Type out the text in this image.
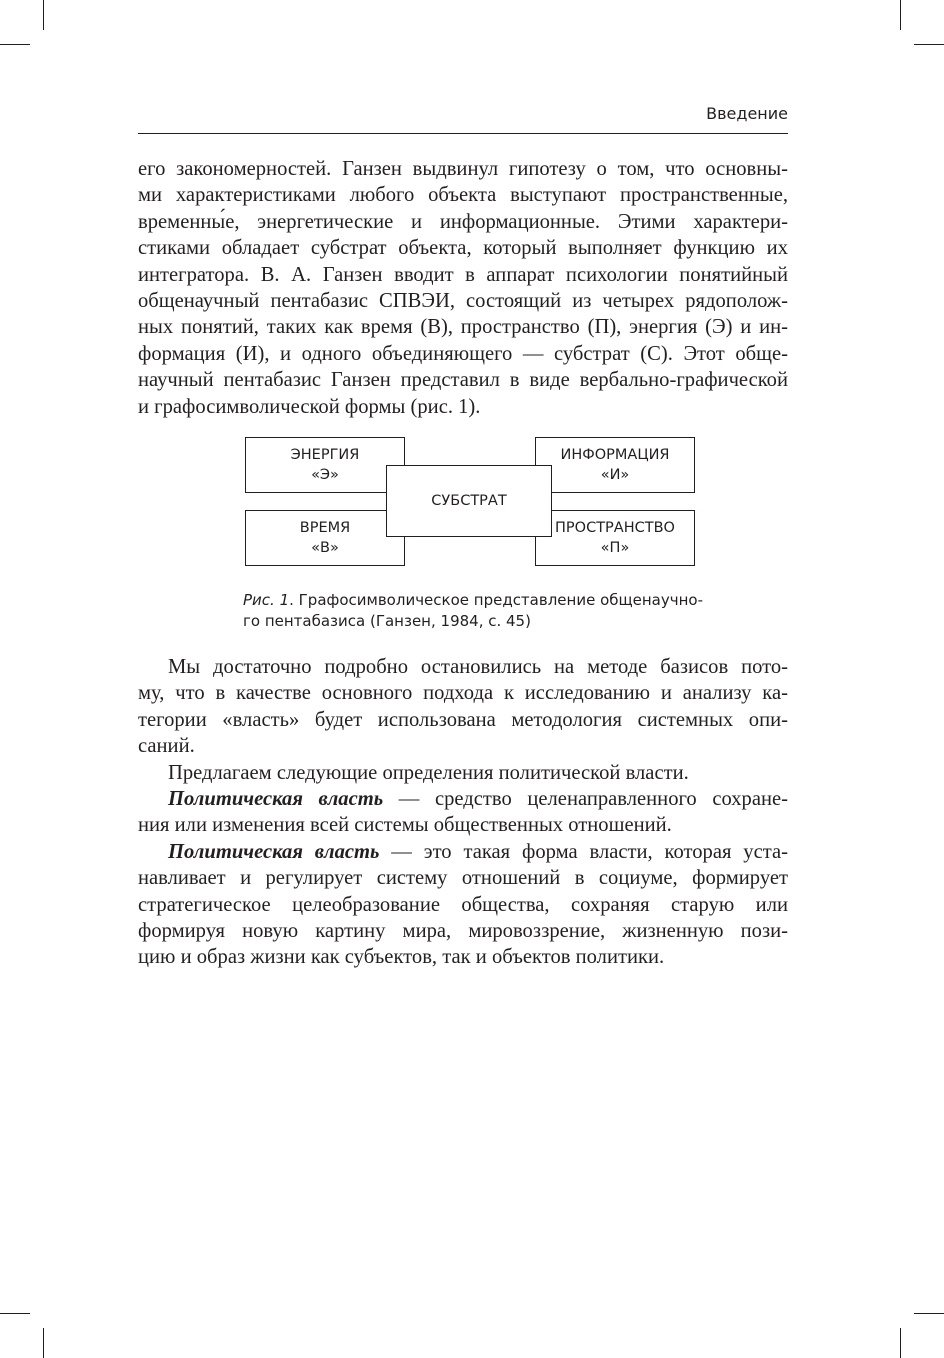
Введение
его закономерностей. Ганзен выдвинул гипотезу о том, что основны-
ми характеристиками любого объекта выступают пространственные,
временны́е, энергетические и информационные. Этими характери-
стиками обладает субстрат объекта, который выполняет функцию их
интегратора. В. А. Ганзен вводит в аппарат психологии понятийный
общенаучный пентабазис СПВЭИ, состоящий из четырех рядополож-
ных понятий, таких как время (В), пространство (П), энергия (Э) и ин-
формация (И), и одного объединяющего — субстрат (С). Этот обще-
научный пентабазис Ганзен представил в виде вербально-графической
и графосимволической формы (рис. 1).
ЭНЕРГИЯ
«Э»
ИНФОРМАЦИЯ
«И»
ВРЕМЯ
«В»
ПРОСТРАНСТВО
«П»
СУБСТРАТ
Рис. 1. Графосимволическое представление общенаучно-
го пентабазиса (Ганзен, 1984, с. 45)
Мы достаточно подробно остановились на методе базисов пото-
му, что в качестве основного подхода к исследованию и анализу ка-
тегории «власть» будет использована методология системных опи-
саний.
Предлагаем следующие определения политической власти.
Политическая власть — средство целенаправленного сохране-
ния или изменения всей системы общественных отношений.
Политическая власть — это такая форма власти, которая уста-
навливает и регулирует систему отношений в социуме, формирует
стратегическое целеобразование общества, сохраняя старую или
формируя новую картину мира, мировоззрение, жизненную пози-
цию и образ жизни как субъектов, так и объектов политики.
